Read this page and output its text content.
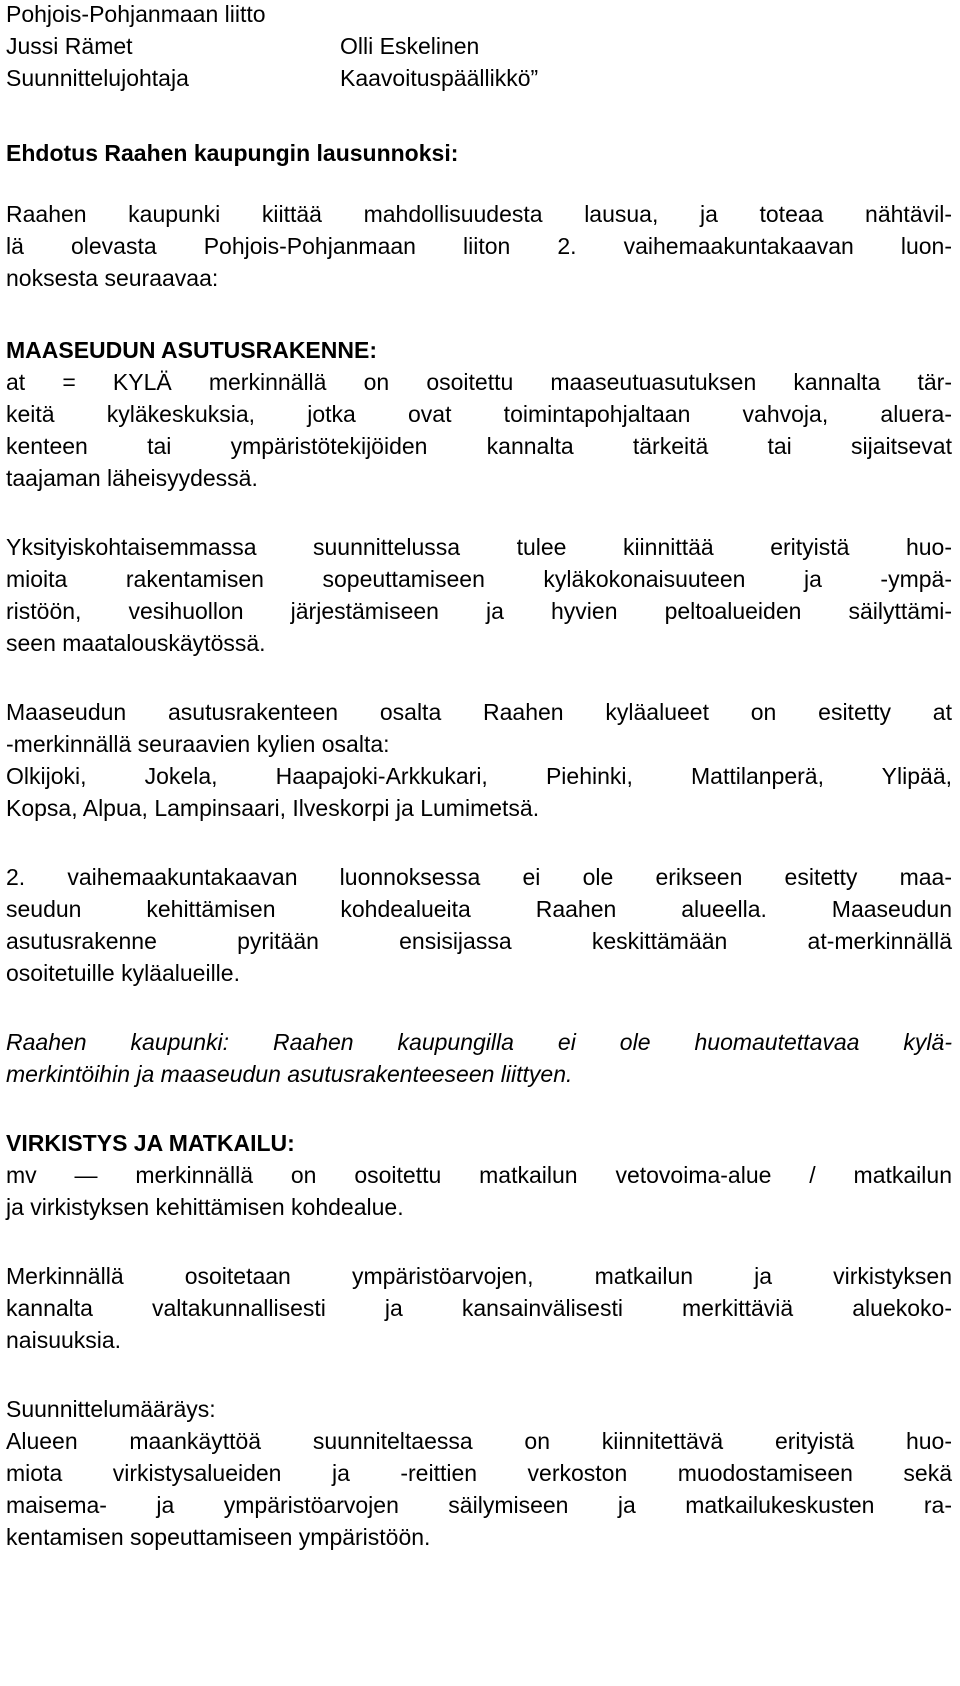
Pohjois-Pohjanmaan liitto
Jussi Rämet	Olli Eskelinen
Suunnittelujohtaja	Kaavoituspäällikkö”
Ehdotus Raahen kaupungin lausunnoksi:
Raahen kaupunki kiittää mahdollisuudesta lausua, ja toteaa nähtävil-
lä olevasta Pohjois-Pohjanmaan liiton 2. vaihemaakuntakaavan luon-
noksesta seuraavaa:
MAASEUDUN ASUTUSRAKENNE:
at = KYLÄ merkinnällä on osoitettu maaseutuasutuksen kannalta tär-
keitä kyläkeskuksia, jotka ovat toimintapohjaltaan vahvoja, aluera-
kenteen tai ympäristötekijöiden kannalta tärkeitä tai sijaitsevat
taajaman läheisyydessä.
Yksityiskohtaisemmassa suunnittelussa tulee kiinnittää erityistä huo-
mioita rakentamisen sopeuttamiseen kyläkokonaisuuteen ja -ympä-
ristöön, vesihuollon järjestämiseen ja hyvien peltoalueiden säilyttämi-
seen maatalouskäytössä.
Maaseudun asutusrakenteen osalta Raahen kyläalueet on esitetty at
-merkinnällä seuraavien kylien osalta:
Olkijoki, Jokela, Haapajoki-Arkkukari, Piehinki, Mattilanperä, Ylipää,
Kopsa, Alpua, Lampinsaari, Ilveskorpi ja Lumimetsä.
2. vaihemaakuntakaavan luonnoksessa ei ole erikseen esitetty maa-
seudun kehittämisen kohdealueita Raahen alueella. Maaseudun
asutusrakenne pyritään ensisijassa keskittämään at-merkinnällä
osoitetuille kyläalueille.
Raahen kaupunki: Raahen kaupungilla ei ole huomautettavaa kylä-
merkintöihin ja maaseudun asutusrakenteeseen liittyen.
VIRKISTYS JA MATKAILU:
mv — merkinnällä on osoitettu matkailun vetovoima-alue / matkailun
ja virkistyksen kehittämisen kohdealue.
Merkinnällä osoitetaan ympäristöarvojen, matkailun ja virkistyksen
kannalta valtakunnallisesti ja kansainvälisesti merkittäviä aluekoko-
naisuuksia.
Suunnittelumääräys:
Alueen maankäyttöä suunniteltaessa on kiinnitettävä erityistä huo-
miota virkistysalueiden ja -reittien verkoston muodostamiseen sekä
maisema- ja ympäristöarvojen säilymiseen ja matkailukeskusten ra-
kentamisen sopeuttamiseen ympäristöön.
